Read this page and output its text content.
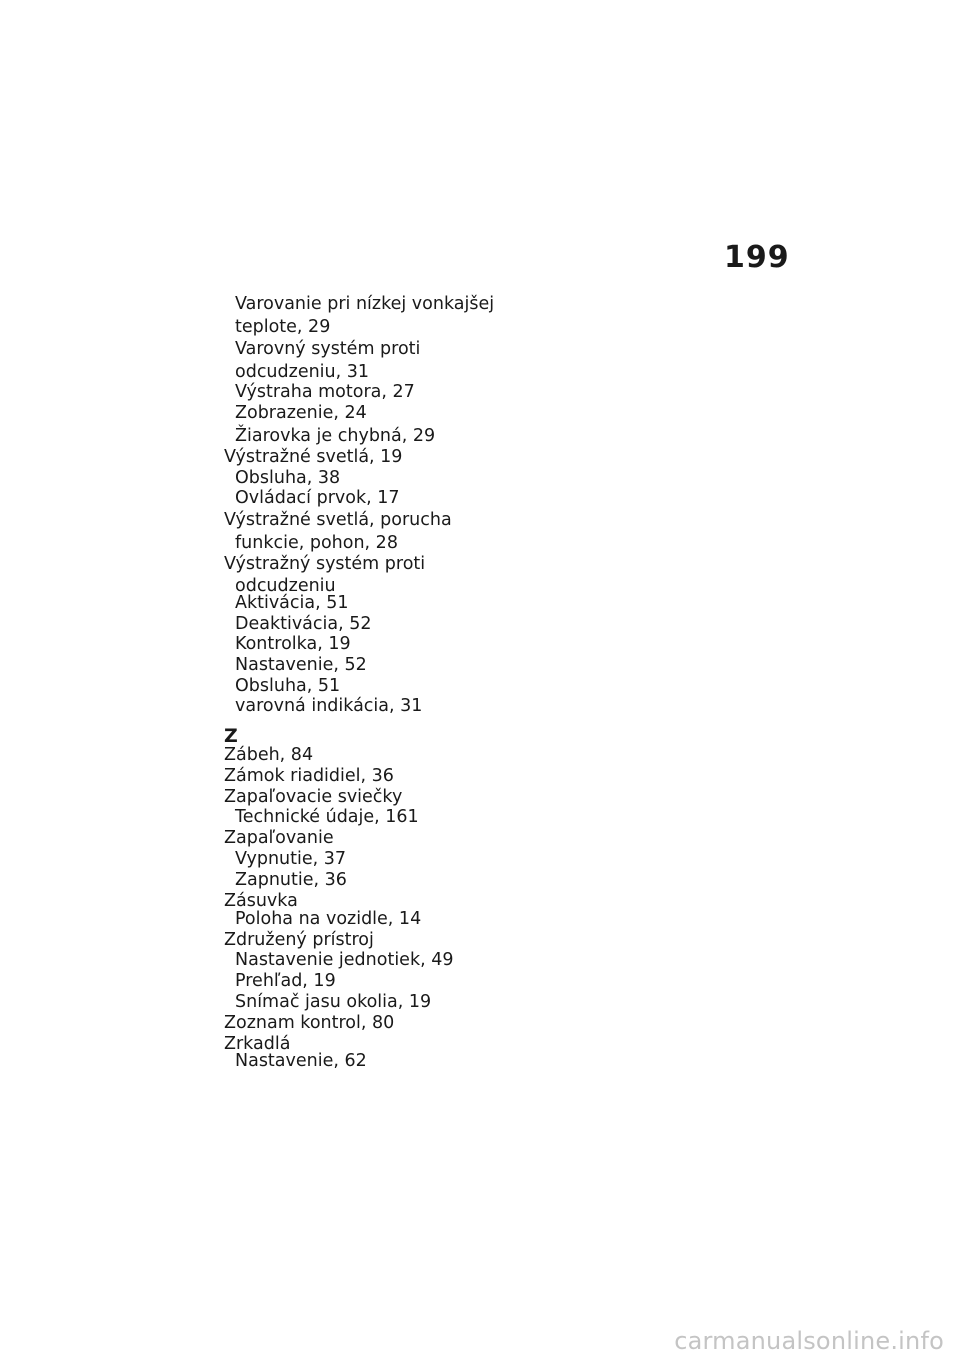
199
Varovanie pri nízkej vonkajšej
teplote, 29
Varovný systém proti
odcudzeniu, 31
Výstraha motora, 27
Zobrazenie, 24
Žiarovka je chybná, 29
Výstražné svetlá, 19
Obsluha, 38
Ovládací prvok, 17
Výstražné svetlá, porucha
funkcie, pohon, 28
Výstražný systém proti
odcudzeniu
Aktivácia, 51
Deaktivácia, 52
Kontrolka, 19
Nastavenie, 52
Obsluha, 51
varovná indikácia, 31
Z
Zábeh, 84
Zámok riadidiel, 36
Zapaľovacie sviečky
Technické údaje, 161
Zapaľovanie
Vypnutie, 37
Zapnutie, 36
Zásuvka
Poloha na vozidle, 14
Združený prístroj
Nastavenie jednotiek, 49
Prehľad, 19
Snímač jasu okolia, 19
Zoznam kontrol, 80
Zrkadlá
Nastavenie, 62
carmanualsonline.info
